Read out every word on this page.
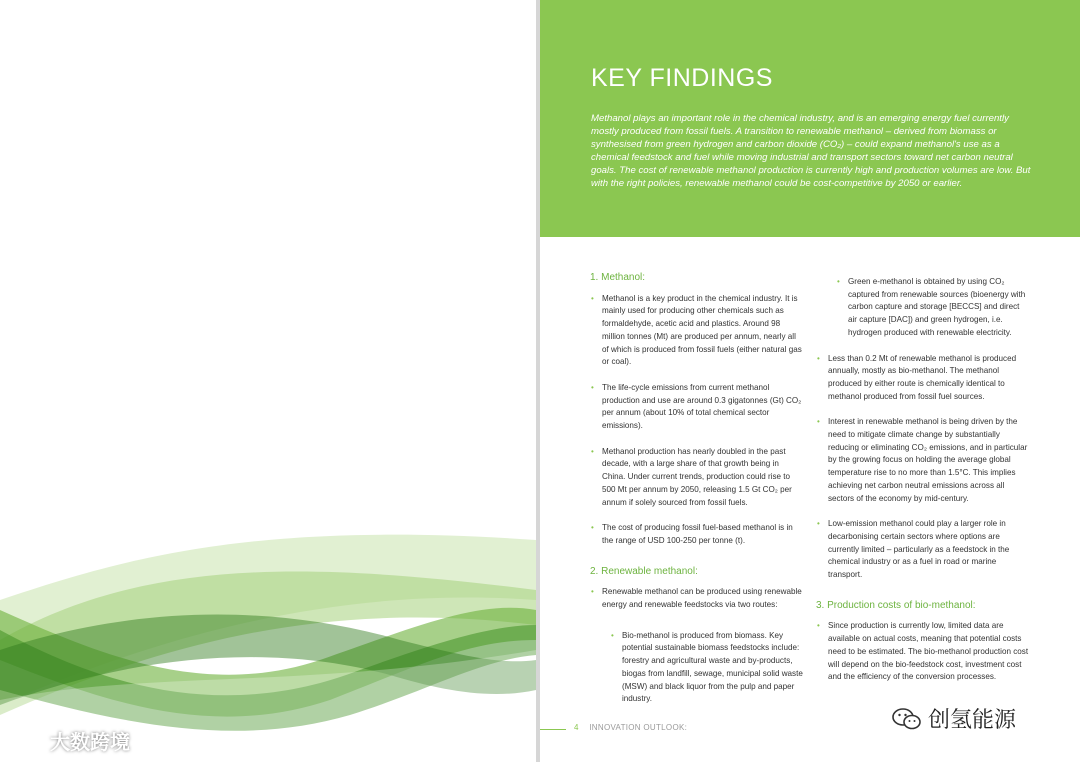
大数跨境
KEY FINDINGS

Methanol plays an important role in the chemical industry, and is an emerging energy fuel currently mostly produced from fossil fuels. A transition to renewable methanol – derived from biomass or synthesised from green hydrogen and carbon dioxide (CO₂) – could expand methanol's use as a chemical feedstock and fuel while moving industrial and transport sectors toward net carbon neutral goals. The cost of renewable methanol production is currently high and production volumes are low. But with the right policies, renewable methanol could be cost-competitive by 2050 or earlier.

1. Methanol:
• Methanol is a key product in the chemical industry. It is mainly used for producing other chemicals such as formaldehyde, acetic acid and plastics. Around 98 million tonnes (Mt) are produced per annum, nearly all of which is produced from fossil fuels (either natural gas or coal).
• The life-cycle emissions from current methanol production and use are around 0.3 gigatonnes (Gt) CO₂ per annum (about 10% of total chemical sector emissions).
• Methanol production has nearly doubled in the past decade, with a large share of that growth being in China. Under current trends, production could rise to 500 Mt per annum by 2050, releasing 1.5 Gt CO₂ per annum if solely sourced from fossil fuels.
• The cost of producing fossil fuel-based methanol is in the range of USD 100-250 per tonne (t).
2. Renewable methanol:
• Renewable methanol can be produced using renewable energy and renewable feedstocks via two routes:
• Bio-methanol is produced from biomass. Key potential sustainable biomass feedstocks include: forestry and agricultural waste and by-products, biogas from landfill, sewage, municipal solid waste (MSW) and black liquor from the pulp and paper industry.
• Green e-methanol is obtained by using CO₂ captured from renewable sources (bioenergy with carbon capture and storage [BECCS] and direct air capture [DAC]) and green hydrogen, i.e. hydrogen produced with renewable electricity.
• Less than 0.2 Mt of renewable methanol is produced annually, mostly as bio-methanol. The methanol produced by either route is chemically identical to methanol produced from fossil fuel sources.
• Interest in renewable methanol is being driven by the need to mitigate climate change by substantially reducing or eliminating CO₂ emissions, and in particular by the growing focus on holding the average global temperature rise to no more than 1.5°C. This implies achieving net carbon neutral emissions across all sectors of the economy by mid-century.
• Low-emission methanol could play a larger role in decarbonising certain sectors where options are currently limited – particularly as a feedstock in the chemical industry or as a fuel in road or marine transport.
3. Production costs of bio-methanol:
• Since production is currently low, limited data are available on actual costs, meaning that potential costs need to be estimated. The bio-methanol production cost will depend on the bio-feedstock cost, investment cost and the efficiency of the conversion processes.
4 INNOVATION OUTLOOK:	创氢能源
